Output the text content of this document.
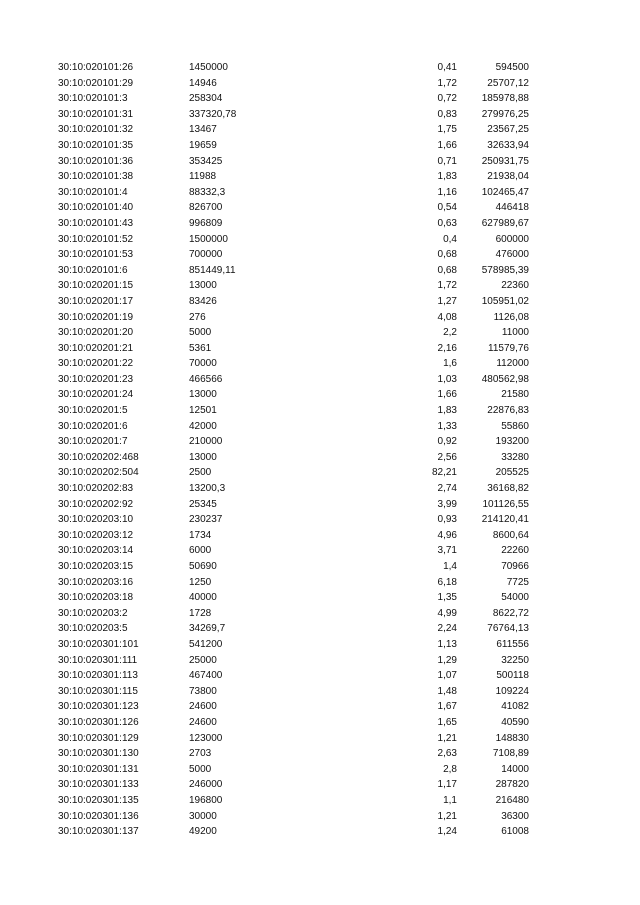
30:10:020101:26	1450000	0,41	594500
30:10:020101:29	14946	1,72	25707,12
30:10:020101:3	258304	0,72	185978,88
30:10:020101:31	337320,78	0,83	279976,25
30:10:020101:32	13467	1,75	23567,25
30:10:020101:35	19659	1,66	32633,94
30:10:020101:36	353425	0,71	250931,75
30:10:020101:38	11988	1,83	21938,04
30:10:020101:4	88332,3	1,16	102465,47
30:10:020101:40	826700	0,54	446418
30:10:020101:43	996809	0,63	627989,67
30:10:020101:52	1500000	0,4	600000
30:10:020101:53	700000	0,68	476000
30:10:020101:6	851449,11	0,68	578985,39
30:10:020201:15	13000	1,72	22360
30:10:020201:17	83426	1,27	105951,02
30:10:020201:19	276	4,08	1126,08
30:10:020201:20	5000	2,2	11000
30:10:020201:21	5361	2,16	11579,76
30:10:020201:22	70000	1,6	112000
30:10:020201:23	466566	1,03	480562,98
30:10:020201:24	13000	1,66	21580
30:10:020201:5	12501	1,83	22876,83
30:10:020201:6	42000	1,33	55860
30:10:020201:7	210000	0,92	193200
30:10:020202:468	13000	2,56	33280
30:10:020202:504	2500	82,21	205525
30:10:020202:83	13200,3	2,74	36168,82
30:10:020202:92	25345	3,99	101126,55
30:10:020203:10	230237	0,93	214120,41
30:10:020203:12	1734	4,96	8600,64
30:10:020203:14	6000	3,71	22260
30:10:020203:15	50690	1,4	70966
30:10:020203:16	1250	6,18	7725
30:10:020203:18	40000	1,35	54000
30:10:020203:2	1728	4,99	8622,72
30:10:020203:5	34269,7	2,24	76764,13
30:10:020301:101	541200	1,13	611556
30:10:020301:111	25000	1,29	32250
30:10:020301:113	467400	1,07	500118
30:10:020301:115	73800	1,48	109224
30:10:020301:123	24600	1,67	41082
30:10:020301:126	24600	1,65	40590
30:10:020301:129	123000	1,21	148830
30:10:020301:130	2703	2,63	7108,89
30:10:020301:131	5000	2,8	14000
30:10:020301:133	246000	1,17	287820
30:10:020301:135	196800	1,1	216480
30:10:020301:136	30000	1,21	36300
30:10:020301:137	49200	1,24	61008
